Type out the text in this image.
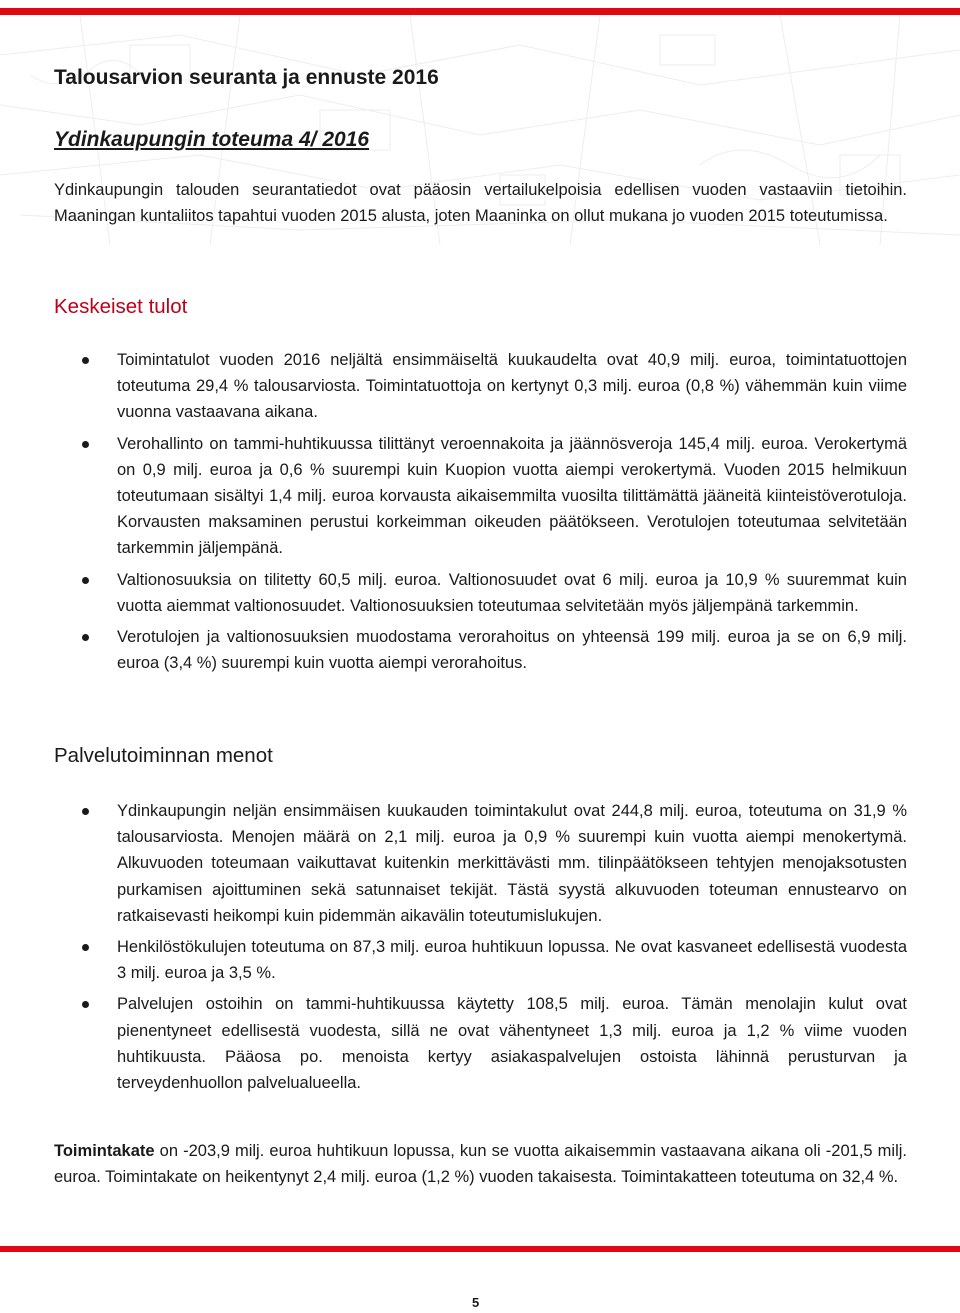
Talousarvion seuranta ja ennuste 2016
Ydinkaupungin toteuma 4/ 2016

Ydinkaupungin talouden seurantatiedot ovat pääosin vertailukelpoisia edellisen vuoden vastaaviin tietoihin. Maaningan kuntaliitos tapahtui vuoden 2015 alusta, joten Maaninka on ollut mukana jo vuoden 2015 toteutumissa.

Keskeiset tulot
Toimintatulot vuoden 2016 neljältä ensimmäiseltä kuukaudelta ovat 40,9 milj. euroa, toimintatuottojen toteutuma 29,4 % talousarviosta. Toimintatuottoja on kertynyt 0,3 milj. euroa (0,8 %) vähemmän kuin viime vuonna vastaavana aikana.
Verohallinto on tammi-huhtikuussa tilittänyt veroennakoita ja jäännösveroja 145,4 milj. euroa. Verokertymä on 0,9 milj. euroa ja 0,6 % suurempi kuin Kuopion vuotta aiempi verokertymä. Vuoden 2015 helmikuun toteutumaan sisältyi 1,4 milj. euroa korvausta aikaisemmilta vuosilta tilittämättä jääneitä kiinteistöverotuloja. Korvausten maksaminen perustui korkeimman oikeuden päätökseen. Verotulojen toteutumaa selvitetään tarkemmin jäljempänä.
Valtionosuuksia on tilitetty 60,5 milj. euroa. Valtionosuudet ovat 6 milj. euroa ja 10,9 % suuremmat kuin vuotta aiemmat valtionosuudet. Valtionosuuksien toteutumaa selvitetään myös jäljempänä tarkemmin.
Verotulojen ja valtionosuuksien muodostama verorahoitus on yhteensä 199 milj. euroa ja se on 6,9 milj. euroa (3,4 %) suurempi kuin vuotta aiempi verorahoitus.
Palvelutoiminnan menot
Ydinkaupungin neljän ensimmäisen kuukauden toimintakulut ovat 244,8 milj. euroa, toteutuma on 31,9 % talousarviosta. Menojen määrä on 2,1 milj. euroa ja 0,9 % suurempi kuin vuotta aiempi menokertymä. Alkuvuoden toteumaan vaikuttavat kuitenkin merkittävästi mm. tilinpäätökseen tehtyjen menojaksotusten purkamisen ajoittuminen sekä satunnaiset tekijät. Tästä syystä alkuvuoden toteuman ennustearvo on ratkaisevasti heikompi kuin pidemmän aikavälin toteutumislukujen.
Henkilöstökulujen toteutuma on 87,3 milj. euroa huhtikuun lopussa. Ne ovat kasvaneet edellisestä vuodesta 3 milj. euroa ja 3,5 %.
Palvelujen ostoihin on tammi-huhtikuussa käytetty 108,5 milj. euroa. Tämän menolajin kulut ovat pienentyneet edellisestä vuodesta, sillä ne ovat vähentyneet 1,3 milj. euroa ja 1,2 % viime vuoden huhtikuusta. Pääosa po. menoista kertyy asiakaspalvelujen ostoista lähinnä perusturvan ja terveydenhuollon palvelualueella.

Toimintakate on -203,9 milj. euroa huhtikuun lopussa, kun se vuotta aikaisemmin vastaavana aikana oli -201,5 milj. euroa. Toimintakate on heikentynyt 2,4 milj. euroa (1,2 %) vuoden takaisesta. Toimintakatteen toteutuma on 32,4 %.

5
